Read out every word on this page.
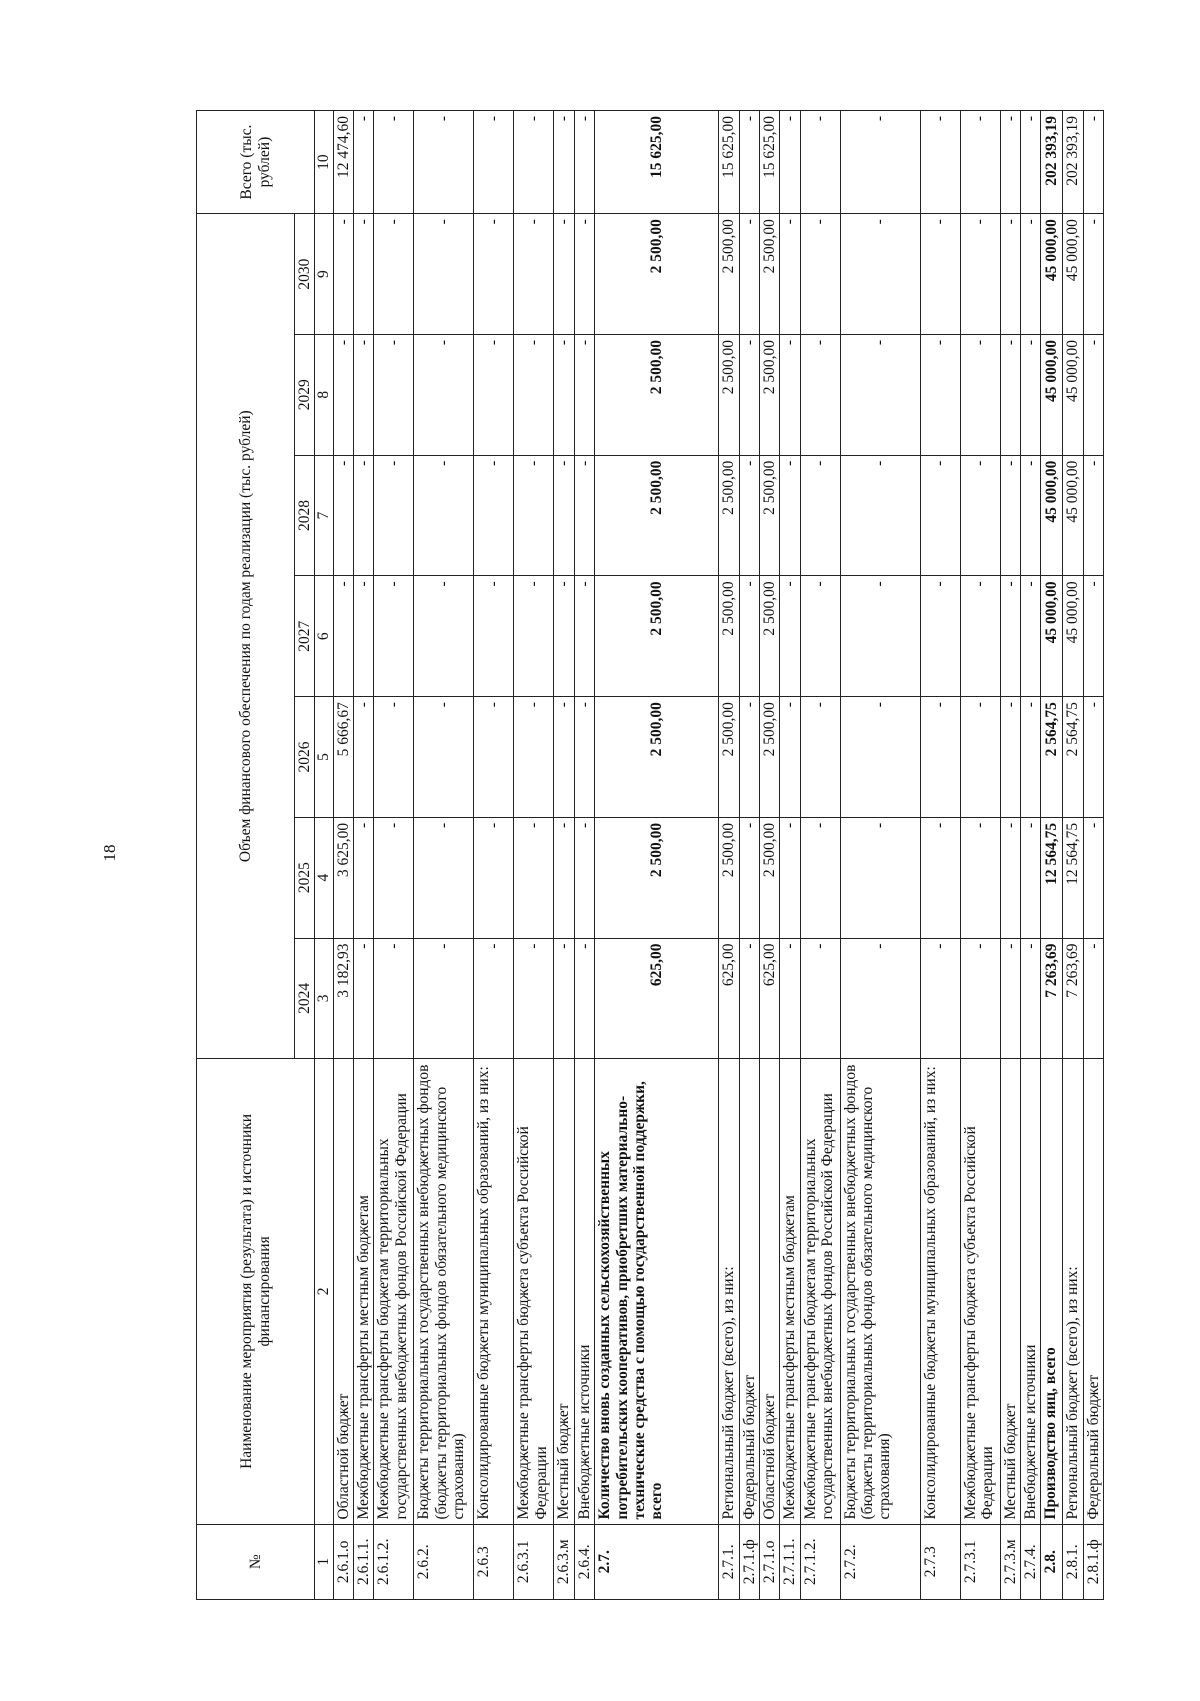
18
№	Наименование мероприятия (результата) и источники финансирования	Объем финансового обеспечения по годам реализации (тыс. рублей)							Всего (тыс. рублей)
		2024	2025	2026	2027	2028	2029	2030	
1	2	3	4	5	6	7	8	9	10
2.6.1.о	Областной бюджет	3 182,93	3 625,00	5 666,67	-	-	-	-	12 474,60
2.6.1.1.	Межбюджетные трансферты местным бюджетам	-	-	-	-	-	-	-	-
2.6.1.2.	Межбюджетные трансферты бюджетам территориальных государственных внебюджетных фондов Российской Федерации	-	-	-	-	-	-	-	-
2.6.2.	Бюджеты территориальных государственных внебюджетных фондов (бюджеты территориальных фондов обязательного медицинского страхования)	-	-	-	-	-	-	-	-
2.6.3	Консолидированные бюджеты муниципальных образований, из них:	-	-	-	-	-	-	-	-
2.6.3.1	Межбюджетные трансферты бюджета субъекта Российской Федерации	-	-	-	-	-	-	-	-
2.6.3.м	Местный бюджет	-	-	-	-	-	-	-	-
2.6.4.	Внебюджетные источники	-	-	-	-	-	-	-	-
2.7.	Количество вновь созданных сельскохозяйственных потребительских кооперативов, приобретших материально-технические средства с помощью государственной поддержки, всего	625,00	2 500,00	2 500,00	2 500,00	2 500,00	2 500,00	2 500,00	15 625,00
2.7.1.	Региональный бюджет (всего), из них:	625,00	2 500,00	2 500,00	2 500,00	2 500,00	2 500,00	2 500,00	15 625,00
2.7.1.ф	Федеральный бюджет	-	-	-	-	-	-	-	-
2.7.1.о	Областной бюджет	625,00	2 500,00	2 500,00	2 500,00	2 500,00	2 500,00	2 500,00	15 625,00
2.7.1.1.	Межбюджетные трансферты местным бюджетам	-	-	-	-	-	-	-	-
2.7.1.2.	Межбюджетные трансферты бюджетам территориальных государственных внебюджетных фондов Российской Федерации	-	-	-	-	-	-	-	-
2.7.2.	Бюджеты территориальных государственных внебюджетных фондов (бюджеты территориальных фондов обязательного медицинского страхования)	-	-	-	-	-	-	-	-
2.7.3	Консолидированные бюджеты муниципальных образований, из них:	-	-	-	-	-	-	-	-
2.7.3.1	Межбюджетные трансферты бюджета субъекта Российской Федерации	-	-	-	-	-	-	-	-
2.7.3.м	Местный бюджет	-	-	-	-	-	-	-	-
2.7.4.	Внебюджетные источники	-	-	-	-	-	-	-	-
2.8.	Производство яиц, всего	7 263,69	12 564,75	2 564,75	45 000,00	45 000,00	45 000,00	45 000,00	202 393,19
2.8.1.	Региональный бюджет (всего), из них:	7 263,69	12 564,75	2 564,75	45 000,00	45 000,00	45 000,00	45 000,00	202 393,19
2.8.1.ф	Федеральный бюджет	-	-	-	-	-	-	-	-
